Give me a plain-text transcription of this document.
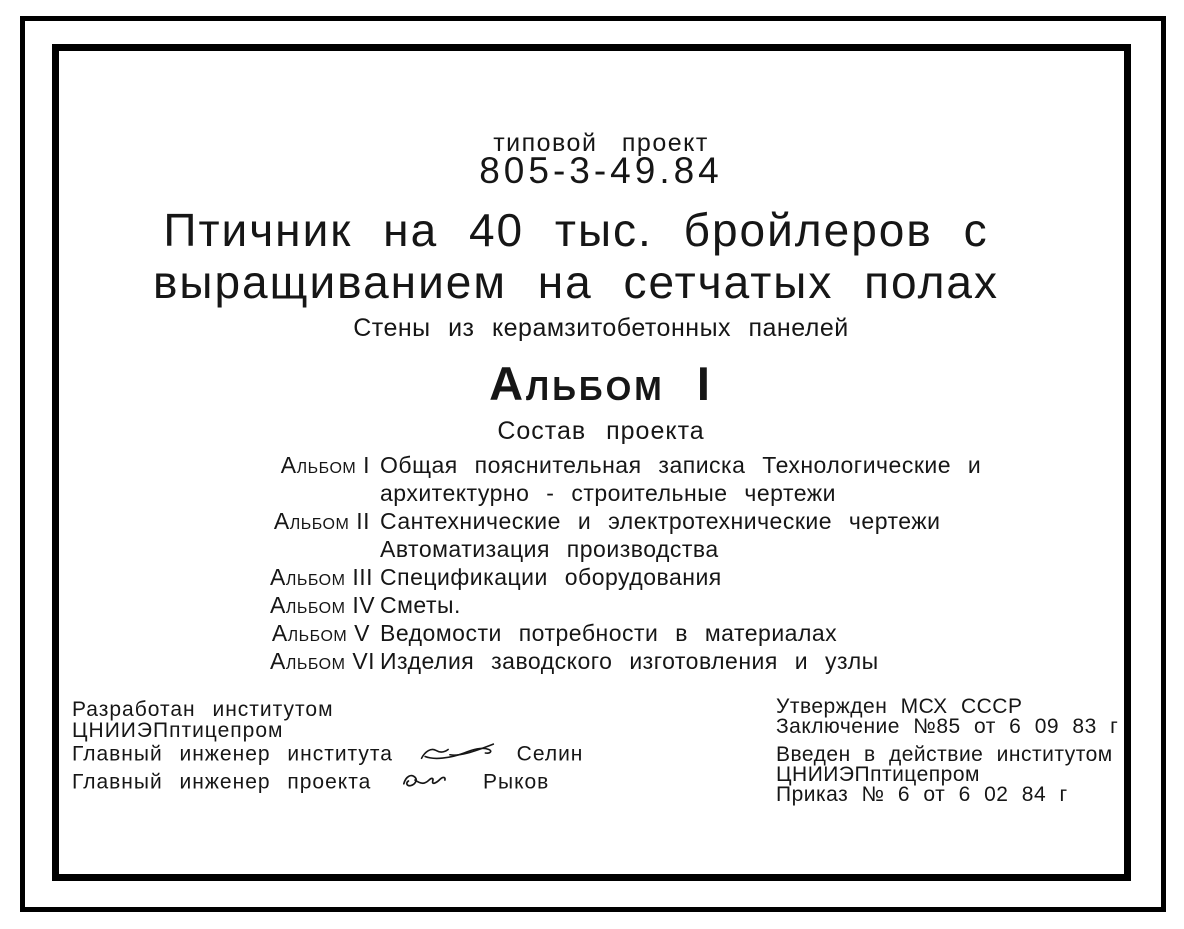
типовой проект
805-3-49.84
Птичник на 40 тыс. бройлеров с
выращиванием на сетчатых полах
Стены из керамзитобетонных панелей
Альбом I
Состав проекта
Альбом I Общая пояснительная записка Технологические и
архитектурно - строительные чертежи
Альбом II Сантехнические и электротехнические чертежи
Автоматизация производства
Альбом III Спецификации оборудования
Альбом IV Сметы.
Альбом V Ведомости потребности в материалах
Альбом VI Изделия заводского изготовления и узлы
Разработан институтом
ЦНИИЭПптицепром
Главный инженер института	Селин
Главный инженер проекта	Рыков
Утвержден МСХ СССР
Заключение №85 от 6 09 83 г
Введен в действие институтом
ЦНИИЭПптицепром
Приказ № 6 от 6 02 84 г
